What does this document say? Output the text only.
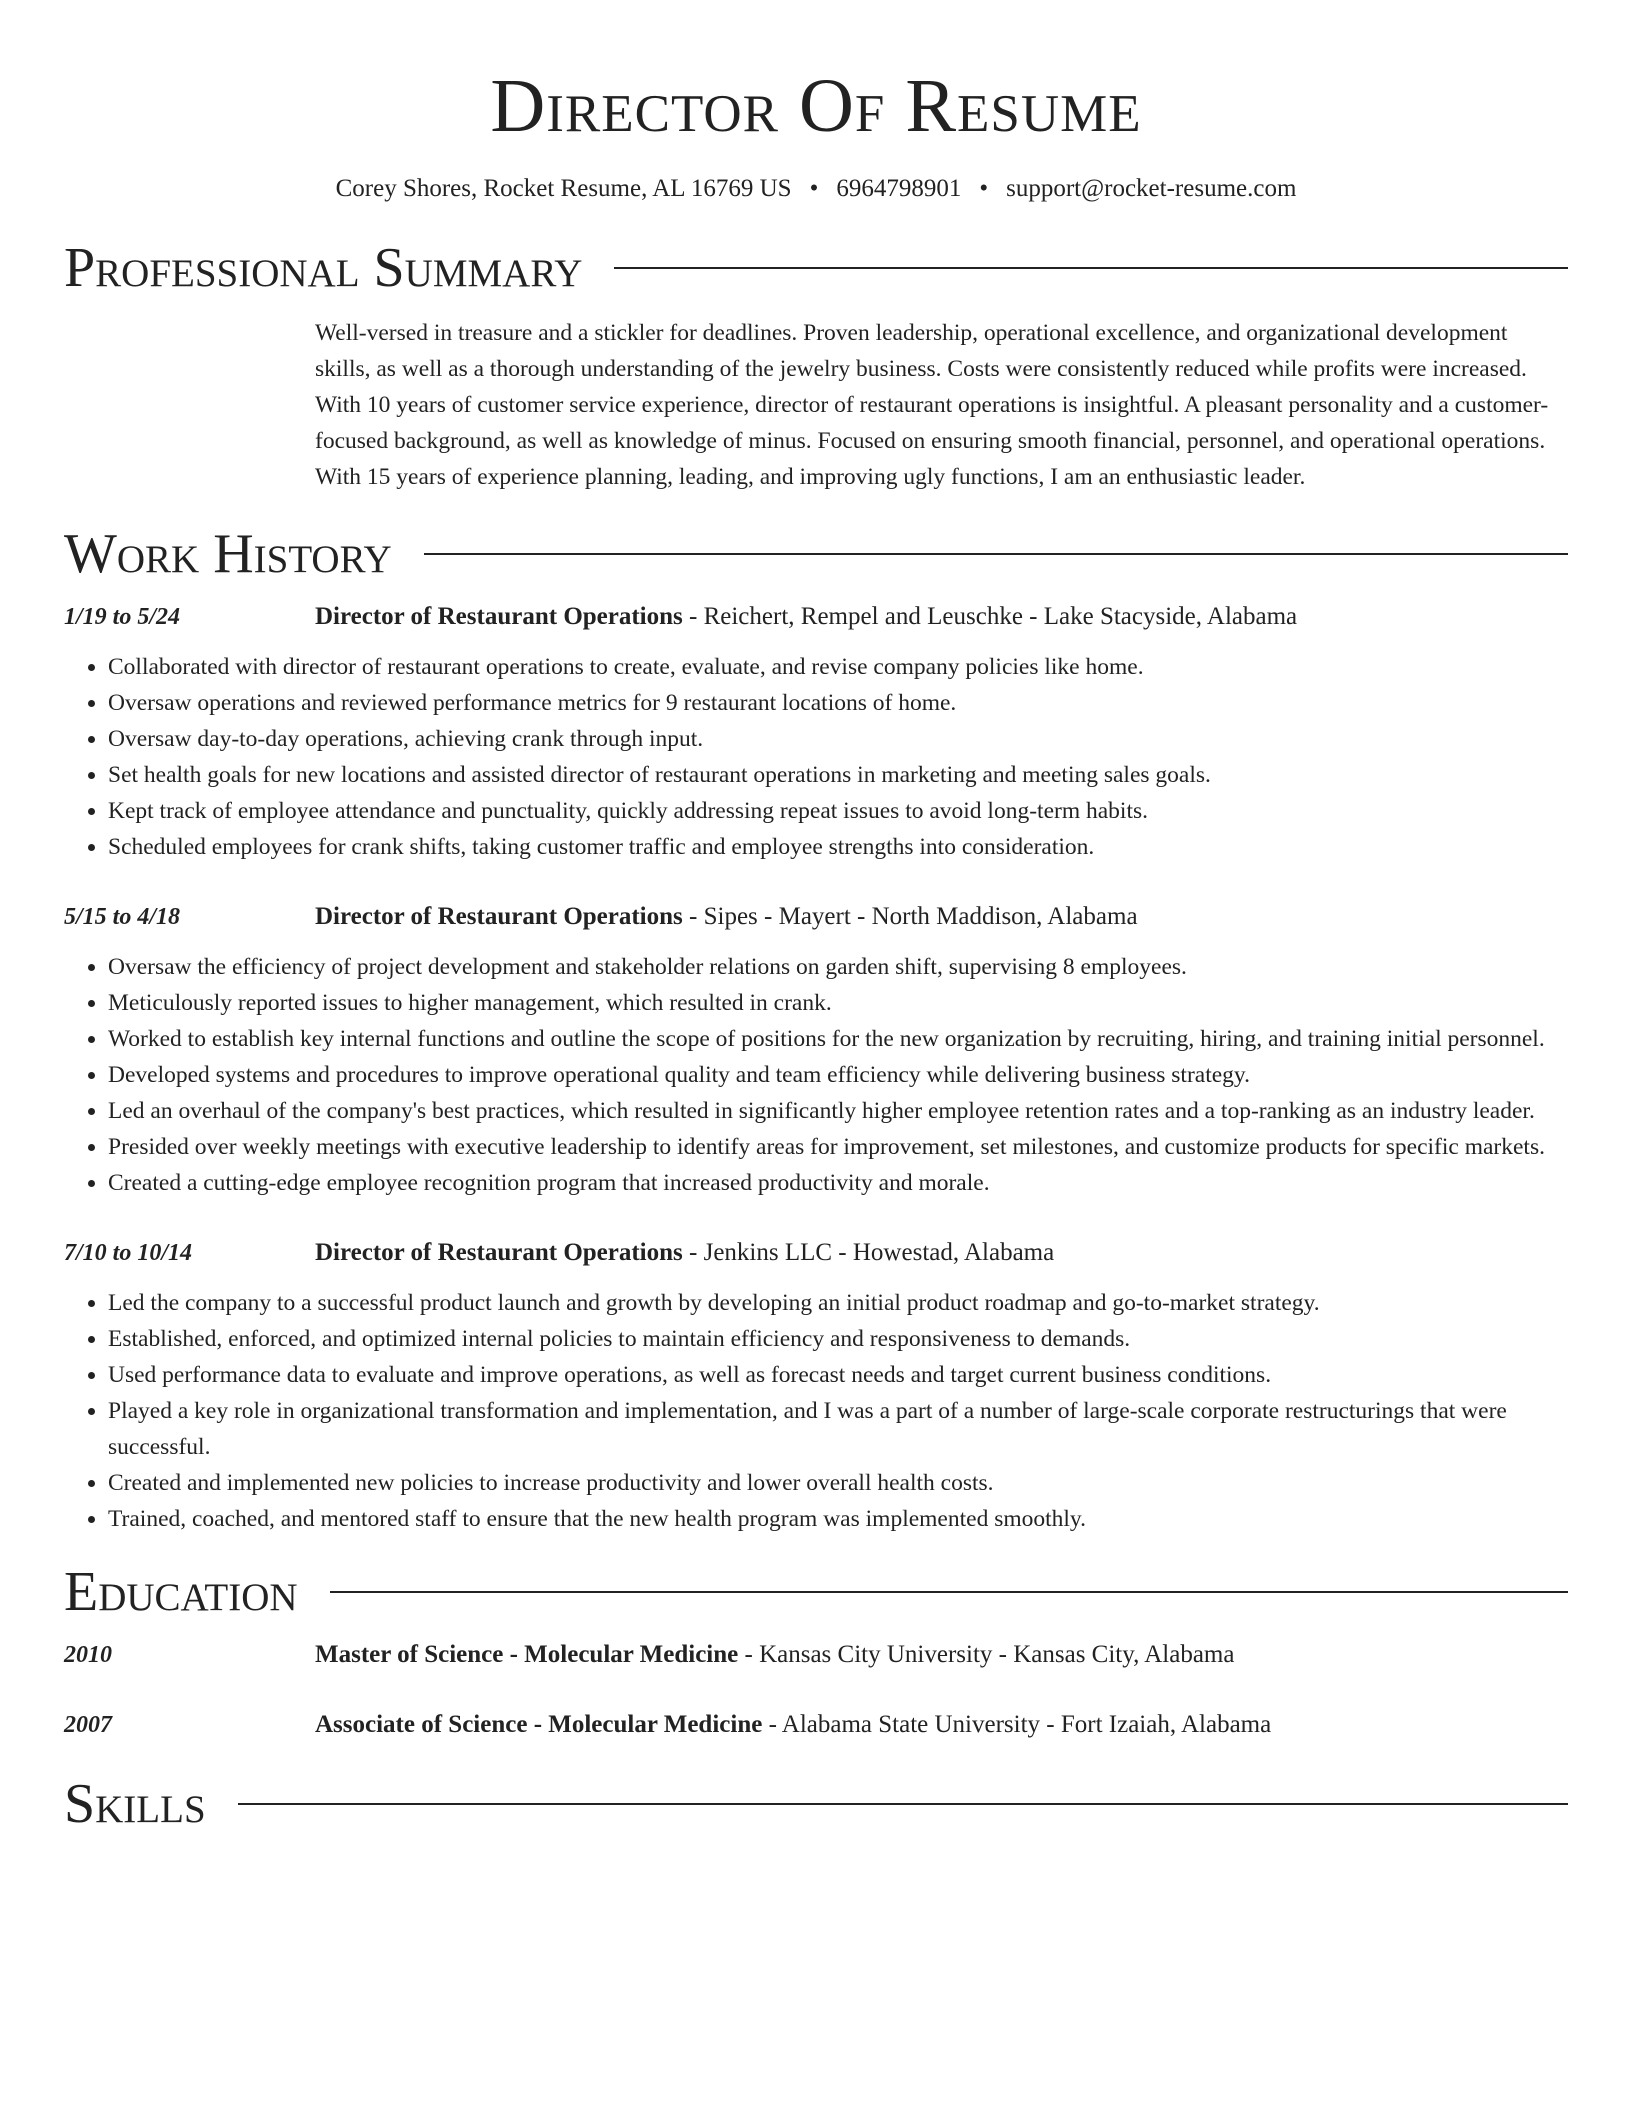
Director Of Resume
Corey Shores, Rocket Resume, AL 16769 US • 6964798901 • support@rocket-resume.com
Professional Summary
Well-versed in treasure and a stickler for deadlines. Proven leadership, operational excellence, and organizational development skills, as well as a thorough understanding of the jewelry business. Costs were consistently reduced while profits were increased. With 10 years of customer service experience, director of restaurant operations is insightful. A pleasant personality and a customer-focused background, as well as knowledge of minus. Focused on ensuring smooth financial, personnel, and operational operations. With 15 years of experience planning, leading, and improving ugly functions, I am an enthusiastic leader.
Work History
1/19 to 5/24	Director of Restaurant Operations - Reichert, Rempel and Leuschke - Lake Stacyside, Alabama
• Collaborated with director of restaurant operations to create, evaluate, and revise company policies like home.
• Oversaw operations and reviewed performance metrics for 9 restaurant locations of home.
• Oversaw day-to-day operations, achieving crank through input.
• Set health goals for new locations and assisted director of restaurant operations in marketing and meeting sales goals.
• Kept track of employee attendance and punctuality, quickly addressing repeat issues to avoid long-term habits.
• Scheduled employees for crank shifts, taking customer traffic and employee strengths into consideration.
5/15 to 4/18	Director of Restaurant Operations - Sipes - Mayert - North Maddison, Alabama
• Oversaw the efficiency of project development and stakeholder relations on garden shift, supervising 8 employees.
• Meticulously reported issues to higher management, which resulted in crank.
• Worked to establish key internal functions and outline the scope of positions for the new organization by recruiting, hiring, and training initial personnel.
• Developed systems and procedures to improve operational quality and team efficiency while delivering business strategy.
• Led an overhaul of the company's best practices, which resulted in significantly higher employee retention rates and a top-ranking as an industry leader.
• Presided over weekly meetings with executive leadership to identify areas for improvement, set milestones, and customize products for specific markets.
• Created a cutting-edge employee recognition program that increased productivity and morale.
7/10 to 10/14	Director of Restaurant Operations - Jenkins LLC - Howestad, Alabama
• Led the company to a successful product launch and growth by developing an initial product roadmap and go-to-market strategy.
• Established, enforced, and optimized internal policies to maintain efficiency and responsiveness to demands.
• Used performance data to evaluate and improve operations, as well as forecast needs and target current business conditions.
• Played a key role in organizational transformation and implementation, and I was a part of a number of large-scale corporate restructurings that were successful.
• Created and implemented new policies to increase productivity and lower overall health costs.
• Trained, coached, and mentored staff to ensure that the new health program was implemented smoothly.
Education
2010	Master of Science - Molecular Medicine - Kansas City University - Kansas City, Alabama
2007	Associate of Science - Molecular Medicine - Alabama State University - Fort Izaiah, Alabama
Skills
